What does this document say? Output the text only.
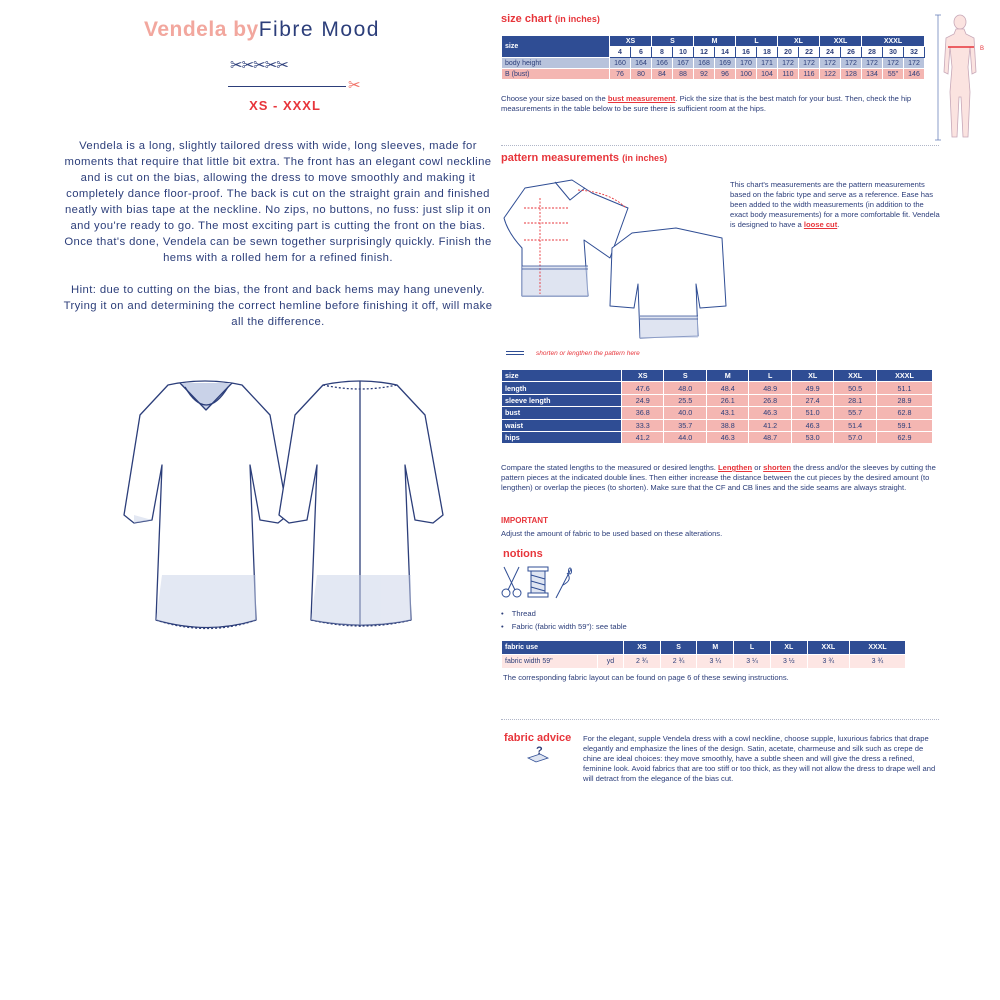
Vendela byFibre Mood
✂✂✂✂✂
✂
XS - XXXL

Vendela is a long, slightly tailored dress with wide, long sleeves, made for moments that require that little bit extra. The front has an elegant cowl neckline and is cut on the bias, allowing the dress to move smoothly and making it completely dance floor-proof. The back is cut on the straight grain and finished neatly with bias tape at the neckline. No zips, no buttons, no fuss: just slip it on and you're ready to go. The most exciting part is cutting the front on the bias. Once that's done, Vendela can be sewn together surprisingly quickly. Finish the hems with a rolled hem for a refined finish.

Hint: due to cutting on the bias, the front and back hems may hang unevenly. Trying it on and determining the correct hemline before finishing it off, will make all the difference.

size chart (in inches)
size	XS		S		M		L		XL		XXL		XXXL		
	4	6	8	10	12	14	16	18	20	22	24	26	28	30	32
body height	160	164	166	167	168	169	170	171	172	172	172	172	172	172	172
B (bust)	76	80	84	88	92	96	100	104	110	116	122	128	134	55"	146
Choose your size based on the bust measurement. Pick the size that is the best match for your bust. Then, check the hip measurements in the table below to be sure there is sufficient room at the hips.
B
pattern measurements (in inches)
This chart's measurements are the pattern measurements based on the fabric type and serve as a reference. Ease has been added to the width measurements (in addition to the exact body measurements) for a more comfortable fit. Vendela is designed to have a loose cut.
shorten or lengthen the pattern here
size	XS	S	M	L	XL	XXL	XXXL
length	47.6	48.0	48.4	48.9	49.9	50.5	51.1
sleeve length	24.9	25.5	26.1	26.8	27.4	28.1	28.9
bust	36.8	40.0	43.1	46.3	51.0	55.7	62.8
waist	33.3	35.7	38.8	41.2	46.3	51.4	59.1
hips	41.2	44.0	46.3	48.7	53.0	57.0	62.9
Compare the stated lengths to the measured or desired lengths. Lengthen or shorten the dress and/or the sleeves by cutting the pattern pieces at the indicated double lines. Then either increase the distance between the cut pieces by the desired amount (to lengthen) or overlap the pieces (to shorten). Make sure that the CF and CB lines and the side seams are always straight.
IMPORTANT
Adjust the amount of fabric to be used based on these alterations.
notions
• Thread
• Fabric (fabric width 59"): see table
fabric use		XS	S	M	L	XL	XXL	XXXL
fabric width 59"	yd	2 ¾	2 ¾	3 ¼	3 ¼	3 ½	3 ¾	3 ¾
The corresponding fabric layout can be found on page 6 of these sewing instructions.
fabric advice
?
For the elegant, supple Vendela dress with a cowl neckline, choose supple, luxurious fabrics that drape elegantly and emphasize the lines of the design. Satin, acetate, charmeuse and silk such as crepe de chine are ideal choices: they move smoothly, have a subtle sheen and will give the dress a refined, feminine look. Avoid fabrics that are too stiff or too thick, as they will not allow the dress to drape well and will detract from the elegance of the bias cut.
